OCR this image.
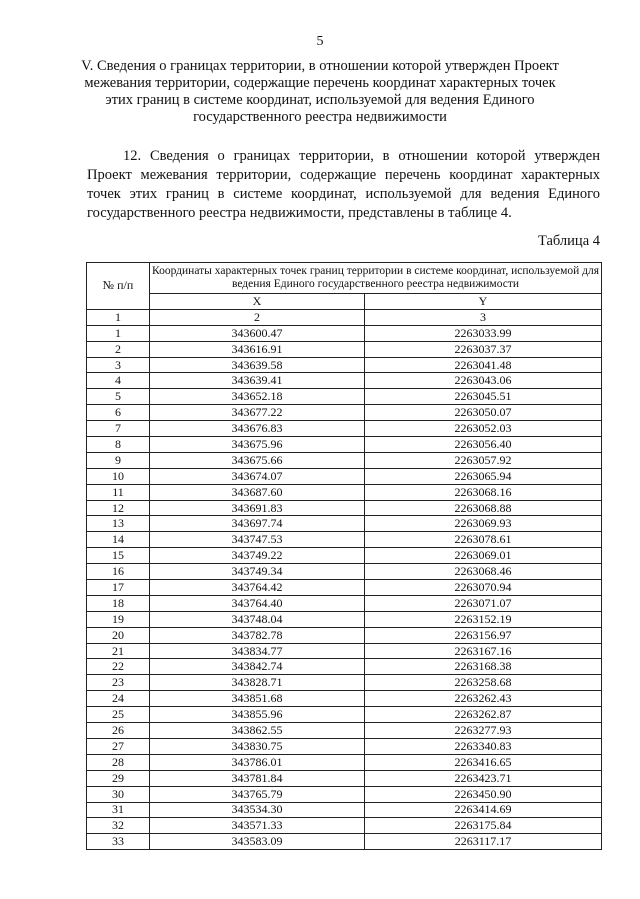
5
V. Сведения о границах территории, в отношении которой утвержден Проект межевания территории, содержащие перечень координат характерных точек этих границ в системе координат, используемой для ведения Единого государственного реестра недвижимости
12. Сведения о границах территории, в отношении которой утвержден Проект межевания территории, содержащие перечень координат характерных точек этих границ в системе координат, используемой для ведения Единого государственного реестра недвижимости, представлены в таблице 4.
Таблица 4
№ п/п	Координаты характерных точек границ территории в системе координат, используемой для ведения Единого государственного реестра недвижимости	
	X	Y
1	2	3
1	343600.47	2263033.99
2	343616.91	2263037.37
3	343639.58	2263041.48
4	343639.41	2263043.06
5	343652.18	2263045.51
6	343677.22	2263050.07
7	343676.83	2263052.03
8	343675.96	2263056.40
9	343675.66	2263057.92
10	343674.07	2263065.94
11	343687.60	2263068.16
12	343691.83	2263068.88
13	343697.74	2263069.93
14	343747.53	2263078.61
15	343749.22	2263069.01
16	343749.34	2263068.46
17	343764.42	2263070.94
18	343764.40	2263071.07
19	343748.04	2263152.19
20	343782.78	2263156.97
21	343834.77	2263167.16
22	343842.74	2263168.38
23	343828.71	2263258.68
24	343851.68	2263262.43
25	343855.96	2263262.87
26	343862.55	2263277.93
27	343830.75	2263340.83
28	343786.01	2263416.65
29	343781.84	2263423.71
30	343765.79	2263450.90
31	343534.30	2263414.69
32	343571.33	2263175.84
33	343583.09	2263117.17
